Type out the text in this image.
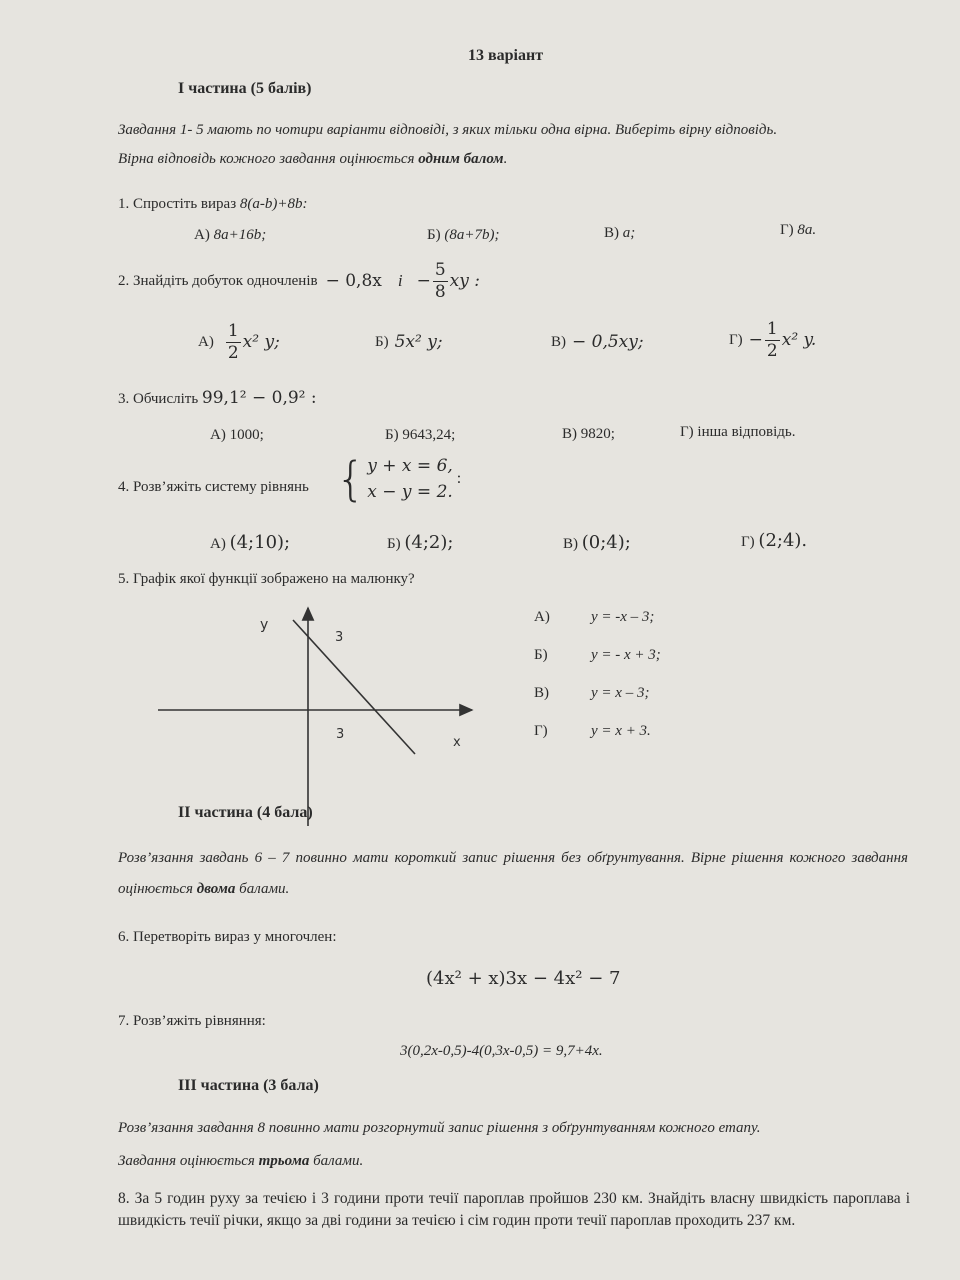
13 варіант
І частина (5 балів)
Завдання 1- 5 мають по чотири варіанти відповіді, з яких тільки одна вірна. Виберіть вірну відповідь.
Вірна відповідь кожного завдання оцінюється одним балом.
1. Спростіть вираз 8(a-b)+8b:
А) 8a+16b;	Б) (8a+7b);	В) a;	Г) 8a.
2. Знайдіть добуток одночленів − 0,8x $і - \frac{5}{8}$ xy :
$А) \frac{1}{2} x^2$ y;	Б) 5x² y;	В) − 0,5xy;	$Г) - \frac{1}{2} x^2$ y.
3. Обчисліть 99,1² − 0,9² :
А) 1000;	Б) 9643,24;	В) 9820;	Г) інша відповідь.
4. Розв’яжіть систему рівнянь { y + x = 6,
x − y = 2.
:
А) (4;10);	Б) (4;2);	В) (0;4);	Г) (2;4).
5. Графік якої функції зображено на малюнку?
y
3
3
x
А)	y = -x – 3;
Б)	y = - x + 3;
В)	y = x – 3;
Г)	y = x + 3.
ІІ частина (4 бала)
Розв’язання завдань 6 – 7 повинно мати короткий запис рішення без обґрунтування. Вірне рішення кожного завдання оцінюється двома балами.
6. Перетворіть вираз у многочлен:
(4x² + x)3x − 4x² − 7
7. Розв’яжіть рівняння:
3(0,2x-0,5)-4(0,3x-0,5) = 9,7+4x.
ІІІ частина (3 бала)
Розв’язання завдання 8 повинно мати розгорнутий запис рішення з обґрунтуванням кожного етапу.
Завдання оцінюється трьома балами.
8. За 5 годин руху за течією і 3 години проти течії пароплав пройшов 230 км. Знайдіть власну швидкість пароплава і швидкість течії річки, якщо за дві години за течією і сім годин проти течії пароплав проходить 237 км.
